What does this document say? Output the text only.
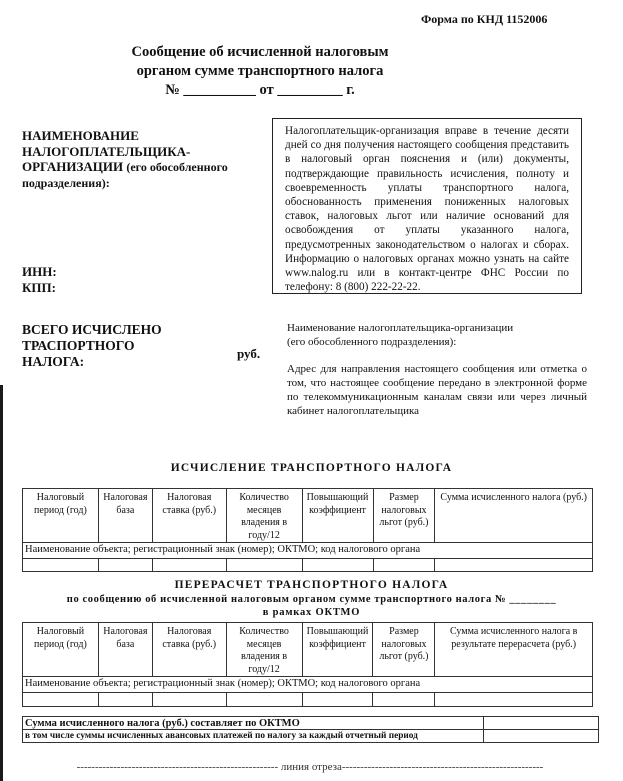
Форма по КНД 1152006
Сообщение об исчисленной налоговым
органом сумме транспортного налога
№ __________ от _________ г.
НАИМЕНОВАНИЕ
НАЛОГОПЛАТЕЛЬЩИКА-
ОРГАНИЗАЦИИ (его обособленного
подразделения):
ИНН:
КПП:
Налогоплательщик-организация вправе в течение десяти дней со дня получения настоящего сообщения представить в налоговый орган пояснения и (или) документы, подтверждающие правильность исчисления, полноту и своевременность уплаты транспортного налога, обоснованность применения пониженных налоговых ставок, налоговых льгот или наличие оснований для освобождения от уплаты указанного налога, предусмотренных законодательством о налогах и сборах. Информацию о налоговых органах можно узнать на сайте www.nalog.ru или в контакт-центре ФНС России по телефону: 8 (800) 222-22-22.
ВСЕГО ИСЧИСЛЕНО
ТРАСПОРТНОГО
НАЛОГА:
руб.
Наименование налогоплательщика-организации
(его обособленного подразделения):
Адрес для направления настоящего сообщения или отметка о том, что настоящее сообщение передано в электронной форме по телекоммуникационным каналам связи или через личный кабинет налогоплательщика
ИСЧИСЛЕНИЕ ТРАНСПОРТНОГО НАЛОГА
Налоговый период (год)	Налоговая база	Налоговая ставка (руб.)	Количество месяцев владения в году/12	Повышающий коэффициент	Размер налоговых льгот (руб.)	Сумма исчисленного налога (руб.)
Наименование объекта; регистрационный знак (номер); ОКТМО; код налогового органа						

ПЕРЕРАСЧЕТ ТРАНСПОРТНОГО НАЛОГА
по сообщению об исчисленной налоговым органом сумме транспортного налога № ________
в рамках ОКТМО
Налоговый период (год)	Налоговая база	Налоговая ставка (руб.)	Количество месяцев владения в году/12	Повышающий коэффициент	Размер налоговых льгот (руб.)	Сумма исчисленного налога в результате перерасчета (руб.)
Наименование объекта; регистрационный знак (номер); ОКТМО; код налогового органа						

Сумма исчисленного налога (руб.) составляет по ОКТМО	
в том числе суммы исчисленных авансовых платежей по налогу за каждый отчетный период	
------------------------------------------------------- линия отреза-------------------------------------------------------
